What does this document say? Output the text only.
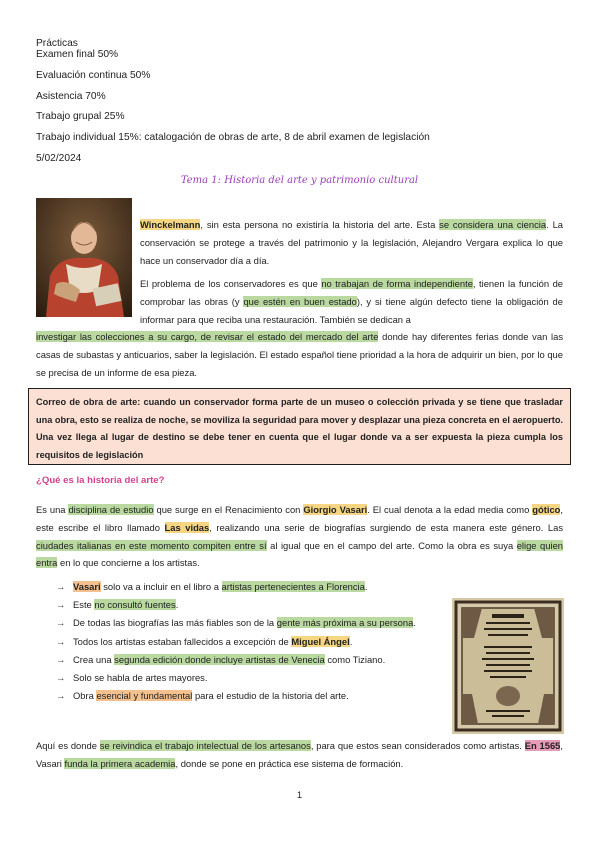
Prácticas
Examen final 50%
Evaluación continua 50%
Asistencia 70%
Trabajo grupal 25%
Trabajo individual 15%: catalogación de obras de arte, 8 de abril examen de legislación
5/02/2024
Tema 1: Historia del arte y patrimonio cultural
Winckelmann, sin esta persona no existiría la historia del arte. Esta se considera una ciencia. La conservación se protege a través del patrimonio y la legislación, Alejandro Vergara explica lo que hace un conservador día a día.
El problema de los conservadores es que no trabajan de forma independiente, tienen la función de comprobar las obras (y que estén en buen estado), y si tiene algún defecto tiene la obligación de informar para que reciba una restauración. También se dedican a
investigar las colecciones a su cargo, de revisar el estado del mercado del arte donde hay diferentes ferias donde van las casas de subastas y anticuarios, saber la legislación. El estado español tiene prioridad a la hora de adquirir un bien, por lo que se precisa de un informe de esa pieza.
Correo de obra de arte: cuando un conservador forma parte de un museo o colección privada y se tiene que trasladar una obra, esto se realiza de noche, se moviliza la seguridad para mover y desplazar una pieza concreta en el aeropuerto. Una vez llega al lugar de destino se debe tener en cuenta que el lugar donde va a ser expuesta la pieza cumpla los requisitos de legislación
¿Qué es la historia del arte?
Es una disciplina de estudio que surge en el Renacimiento con Giorgio Vasari. El cual denota a la edad media como gótico, este escribe el libro llamado Las vidas, realizando una serie de biografías surgiendo de esta manera este género. Las ciudades italianas en este momento compiten entre sí al igual que en el campo del arte. Como la obra es suya elige quien entra en lo que concierne a los artistas.
→ Vasari solo va a incluir en el libro a artistas pertenecientes a Florencia.
→ Este no consultó fuentes.
→ De todas las biografías las más fiables son de la gente más próxima a su persona.
→ Todos los artistas estaban fallecidos a excepción de Miguel Ángel.
→ Crea una segunda edición donde incluye artistas de Venecia como Tiziano.
→ Solo se habla de artes mayores.
→ Obra esencial y fundamental para el estudio de la historia del arte.
Aquí es donde se reivindica el trabajo intelectual de los artesanos, para que estos sean considerados como artistas. En 1565, Vasari funda la primera academia, donde se pone en práctica ese sistema de formación.
1
